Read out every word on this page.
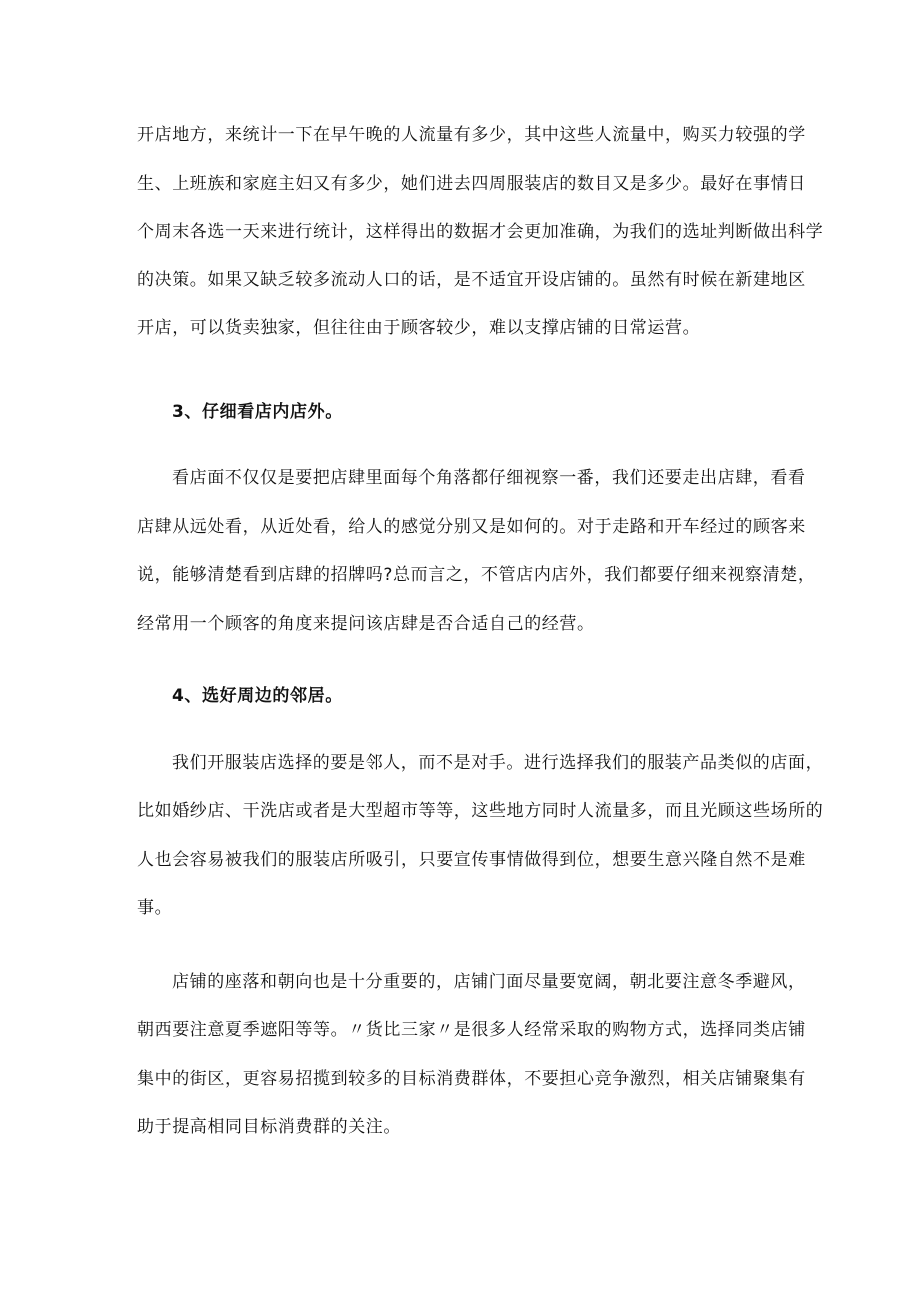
开店地方，来统计一下在早午晚的人流量有多少，其中这些人流量中，购买力较强的学
生、上班族和家庭主妇又有多少，她们进去四周服装店的数目又是多少。最好在事情日
个周末各选一天来进行统计，这样得出的数据才会更加准确，为我们的选址判断做出科学
的决策。如果又缺乏较多流动人口的话，是不适宜开设店铺的。虽然有时候在新建地区
开店，可以货卖独家，但往往由于顾客较少，难以支撑店铺的日常运营。
3、仔细看店内店外。
看店面不仅仅是要把店肆里面每个角落都仔细视察一番，我们还要走出店肆，看看
店肆从远处看，从近处看，给人的感觉分别又是如何的。对于走路和开车经过的顾客来
说，能够清楚看到店肆的招牌吗?总而言之，不管店内店外，我们都要仔细来视察清楚，
经常用一个顾客的角度来提问该店肆是否合适自己的经营。
4、选好周边的邻居。
我们开服装店选择的要是邻人，而不是对手。进行选择我们的服装产品类似的店面，
比如婚纱店、干洗店或者是大型超市等等，这些地方同时人流量多，而且光顾这些场所的
人也会容易被我们的服装店所吸引，只要宣传事情做得到位，想要生意兴隆自然不是难
事。
店铺的座落和朝向也是十分重要的，店铺门面尽量要宽阔，朝北要注意冬季避风，
朝西要注意夏季遮阳等等。〃货比三家〃是很多人经常采取的购物方式，选择同类店铺
集中的街区，更容易招揽到较多的目标消费群体，不要担心竞争激烈，相关店铺聚集有
助于提高相同目标消费群的关注。
